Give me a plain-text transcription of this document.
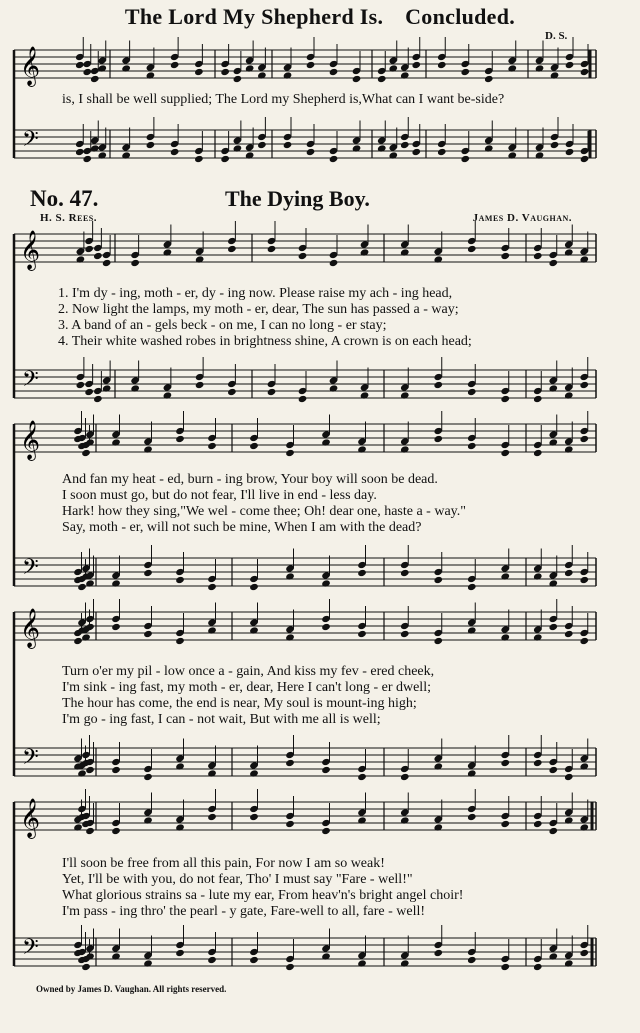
The Lord My Shepherd Is. Concluded.
D. S.
𝄞
𝄢
𝄞
𝄢
𝄞
𝄢
𝄞
𝄢
𝄞
𝄢
is, I shall be well supplied; The Lord my Shepherd is,What can I want be-side?
No. 47.	The Dying Boy.
H. S. Rees.	James D. Vaughan.
1. I'm dy - ing, moth - er, dy - ing now. Please raise my ach - ing head,
2. Now light the lamps, my moth - er, dear, The sun has passed a - way;
3. A band of an - gels beck - on me, I can no long - er stay;
4. Their white washed robes in brightness shine, A crown is on each head;
And fan my heat - ed, burn - ing brow, Your boy will soon be dead.
I soon must go, but do not fear, I'll live in end - less day.
Hark! how they sing,"We wel - come thee; Oh! dear one, haste a - way."
Say, moth - er, will not such be mine, When I am with the dead?
Turn o'er my pil - low once a - gain, And kiss my fev - ered cheek,
I'm sink - ing fast, my moth - er, dear, Here I can't long - er dwell;
The hour has come, the end is near, My soul is mount-ing high;
I'm go - ing fast, I can - not wait, But with me all is well;
I'll soon be free from all this pain, For now I am so weak!
Yet, I'll be with you, do not fear, Tho' I must say "Fare - well!"
What glorious strains sa - lute my ear, From heav'n's bright angel choir!
I'm pass - ing thro' the pearl - y gate, Fare-well to all, fare - well!
Owned by James D. Vaughan. All rights reserved.
